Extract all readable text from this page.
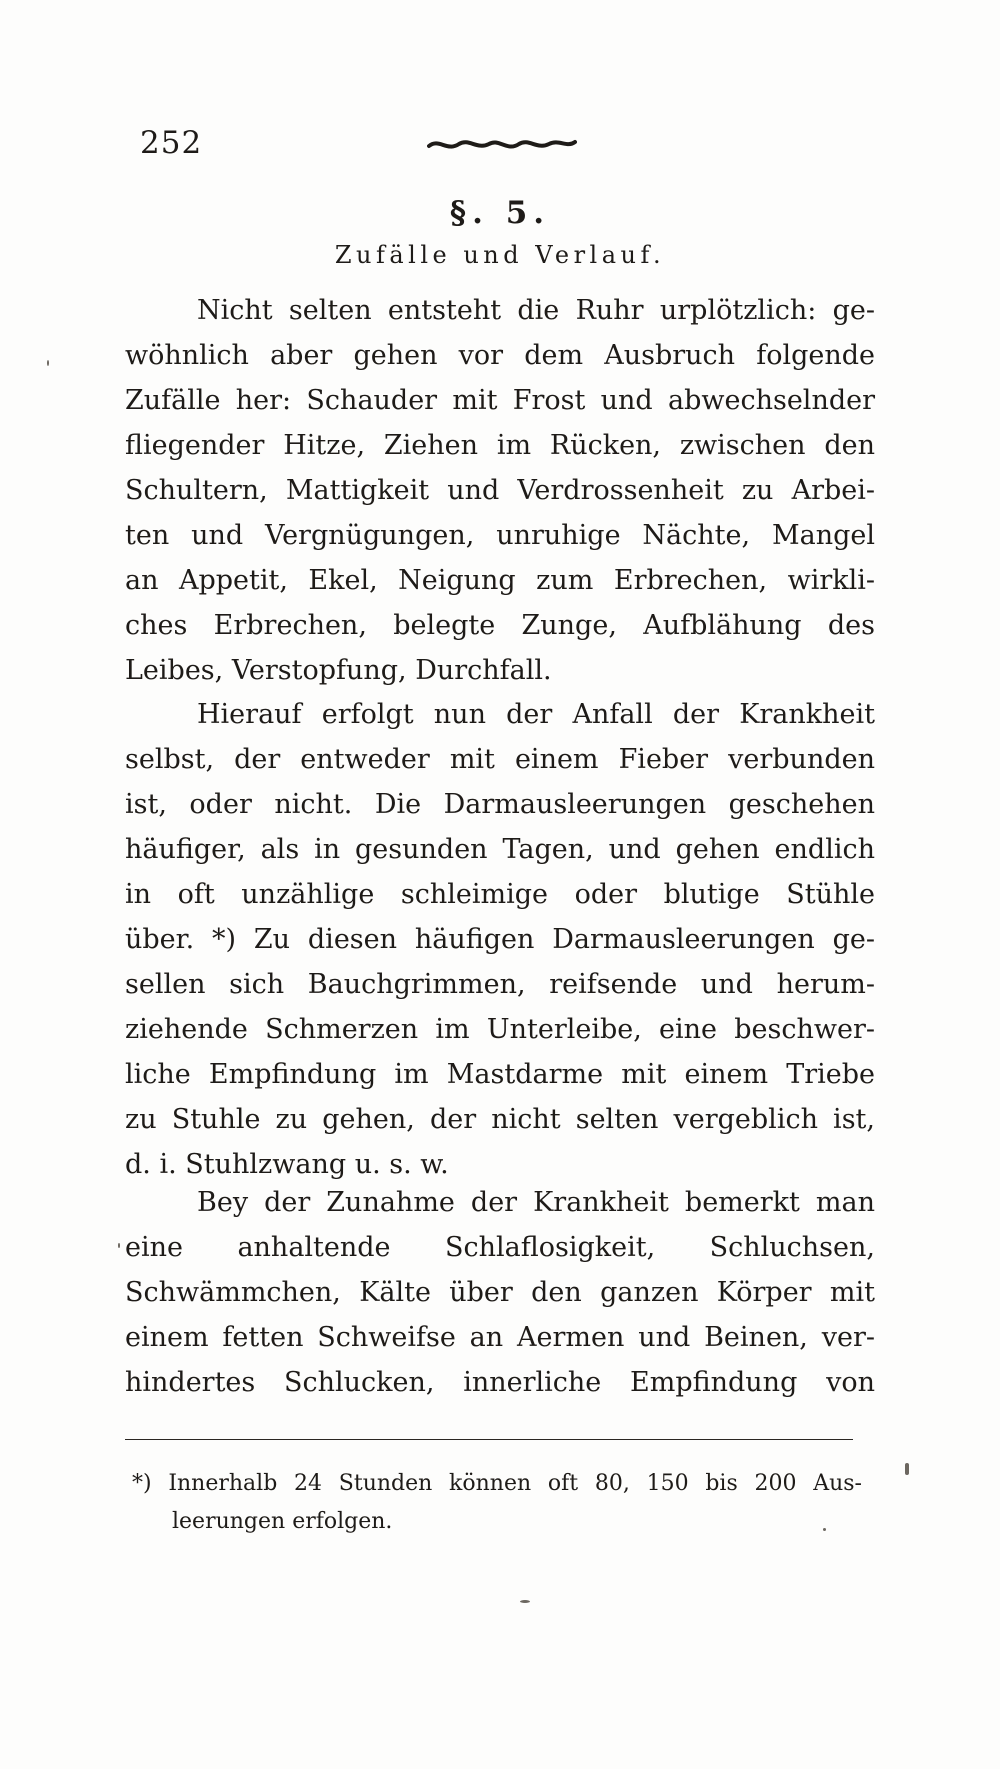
252
§. 5.
Zufälle und Verlauf.
Nicht selten entsteht die Ruhr urplötzlich: ge-
wöhnlich aber gehen vor dem Ausbruch folgende
Zufälle her: Schauder mit Frost und abwechselnder
fliegender Hitze, Ziehen im Rücken, zwischen den
Schultern, Mattigkeit und Verdrossenheit zu Arbei-
ten und Vergnügungen, unruhige Nächte, Mangel
an Appetit, Ekel, Neigung zum Erbrechen, wirkli-
ches Erbrechen, belegte Zunge, Aufblähung des
Leibes, Verstopfung, Durchfall.
Hierauf erfolgt nun der Anfall der Krankheit
selbst, der entweder mit einem Fieber verbunden
ist, oder nicht. Die Darmausleerungen geschehen
häufiger, als in gesunden Tagen, und gehen endlich
in oft unzählige schleimige oder blutige Stühle
über. *) Zu diesen häufigen Darmausleerungen ge-
sellen sich Bauchgrimmen, reifsende und herum-
ziehende Schmerzen im Unterleibe, eine beschwer-
liche Empfindung im Mastdarme mit einem Triebe
zu Stuhle zu gehen, der nicht selten vergeblich ist,
d. i. Stuhlzwang u. s. w.
Bey der Zunahme der Krankheit bemerkt man
eine anhaltende Schlaflosigkeit, Schluchsen,
Schwämmchen, Kälte über den ganzen Körper mit
einem fetten Schweifse an Aermen und Beinen, ver-
hindertes Schlucken, innerliche Empfindung von
*) Innerhalb 24 Stunden können oft 80, 150 bis 200 Aus-
leerungen erfolgen.
